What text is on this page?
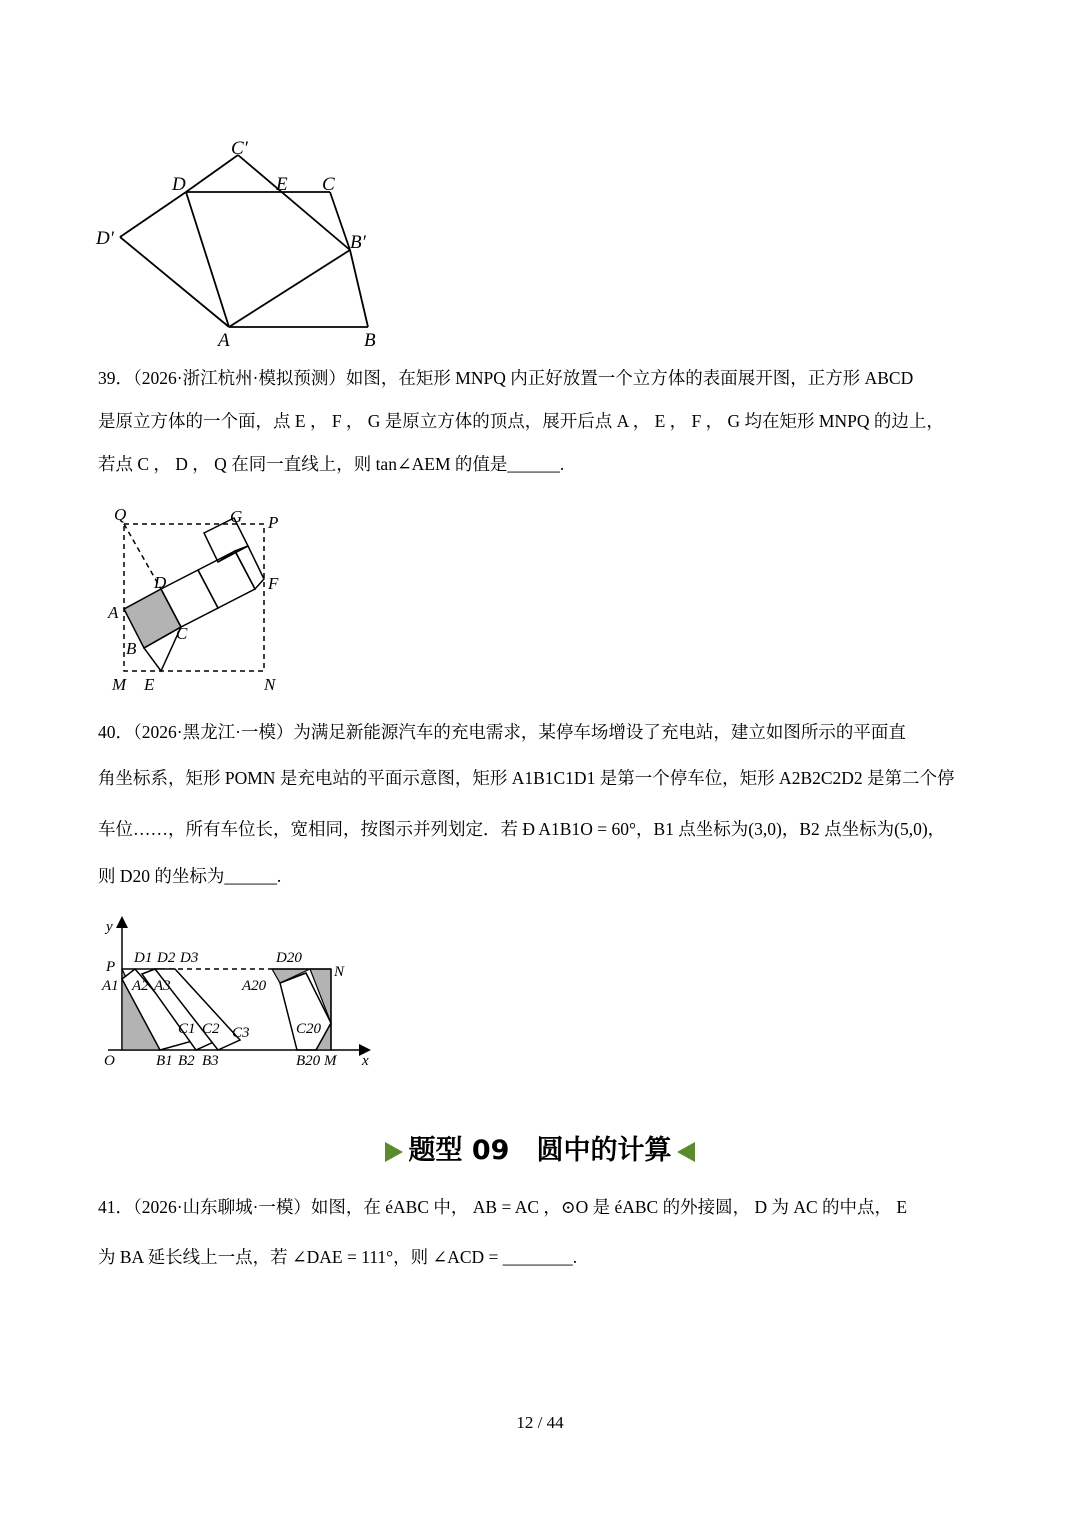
C′
D	E C
D′	B′
A	B
39．（2026·浙江杭州·模拟预测）如图，在矩形 MNPQ 内正好放置一个立方体的表面展开图，正方形 ABCD
是原立方体的一个面，点 E ， F ， G 是原立方体的顶点，展开后点 A ， E ， F ， G 均在矩形 MNPQ 的边上，
若点 C ， D ， Q 在同一直线上，则 tan∠AEM 的值是______.
Q	G P
D	F
A
C
B
M E	N
40．（2026·黑龙江·一模）为满足新能源汽车的充电需求，某停车场增设了充电站，建立如图所示的平面直
角坐标系，矩形 POMN 是充电站的平面示意图，矩形 A1B1C1D1 是第一个停车位，矩形 A2B2C2D2 是第二个停
车位……，所有车位长，宽相同，按图示并列划定．若 Ð A1B1O = 60°，B1 点坐标为(3,0)，B2 点坐标为(5,0)，
则 D20 的坐标为______.
y
P
D1 D2 D3	D20
N
A1 A2 A3	A20
C1 C2 C3	C20
O	B1 B2 B3	B20 M x
题型 09　圆中的计算
41．（2026·山东聊城·一模）如图，在 éABC 中， AB = AC ，⊙O 是 éABC 的外接圆， D 为 AC 的中点， E
为 BA 延长线上一点，若 ∠DAE = 111°，则 ∠ACD = ________.
12 / 44
